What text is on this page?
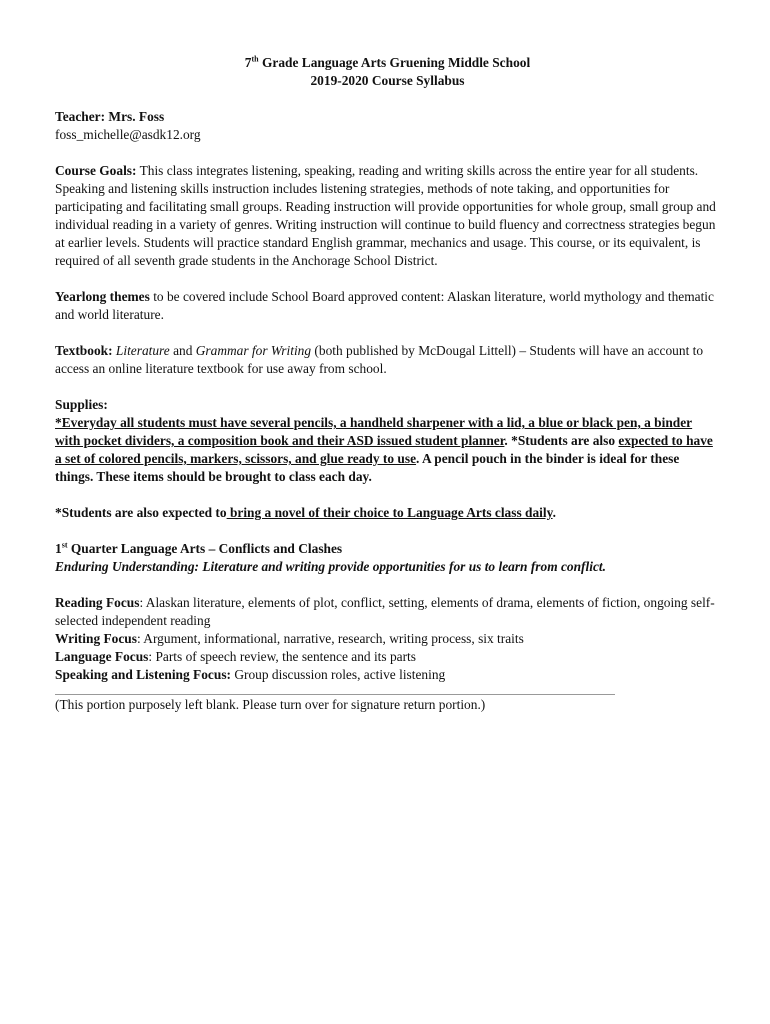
7th Grade Language Arts Gruening Middle School

2019-2020 Course Syllabus

Teacher: Mrs. Foss

foss_michelle@asdk12.org

Course Goals: This class integrates listening, speaking, reading and writing skills across the entire year for all students. Speaking and listening skills instruction includes listening strategies, methods of note taking, and opportunities for participating and facilitating small groups. Reading instruction will provide opportunities for whole group, small group and individual reading in a variety of genres. Writing instruction will continue to build fluency and correctness strategies begun at earlier levels. Students will practice standard English grammar, mechanics and usage. This course, or its equivalent, is required of all seventh grade students in the Anchorage School District.

Yearlong themes to be covered include School Board approved content: Alaskan literature, world mythology and thematic and world literature.

Textbook: Literature and Grammar for Writing (both published by McDougal Littell) – Students will have an account to access an online literature textbook for use away from school.

Supplies:

*Everyday all students must have several pencils, a handheld sharpener with a lid, a blue or black pen, a binder with pocket dividers, a composition book and their ASD issued student planner. *Students are also expected to have a set of colored pencils, markers, scissors, and glue ready to use. A pencil pouch in the binder is ideal for these things. These items should be brought to class each day.

*Students are also expected to bring a novel of their choice to Language Arts class daily.

1st Quarter Language Arts – Conflicts and Clashes

Enduring Understanding: Literature and writing provide opportunities for us to learn from conflict.

Reading Focus: Alaskan literature, elements of plot, conflict, setting, elements of drama, elements of fiction, ongoing self-selected independent reading

Writing Focus: Argument, informational, narrative, research, writing process, six traits

Language Focus: Parts of speech review, the sentence and its parts

Speaking and Listening Focus: Group discussion roles, active listening

(This portion purposely left blank. Please turn over for signature return portion.)
